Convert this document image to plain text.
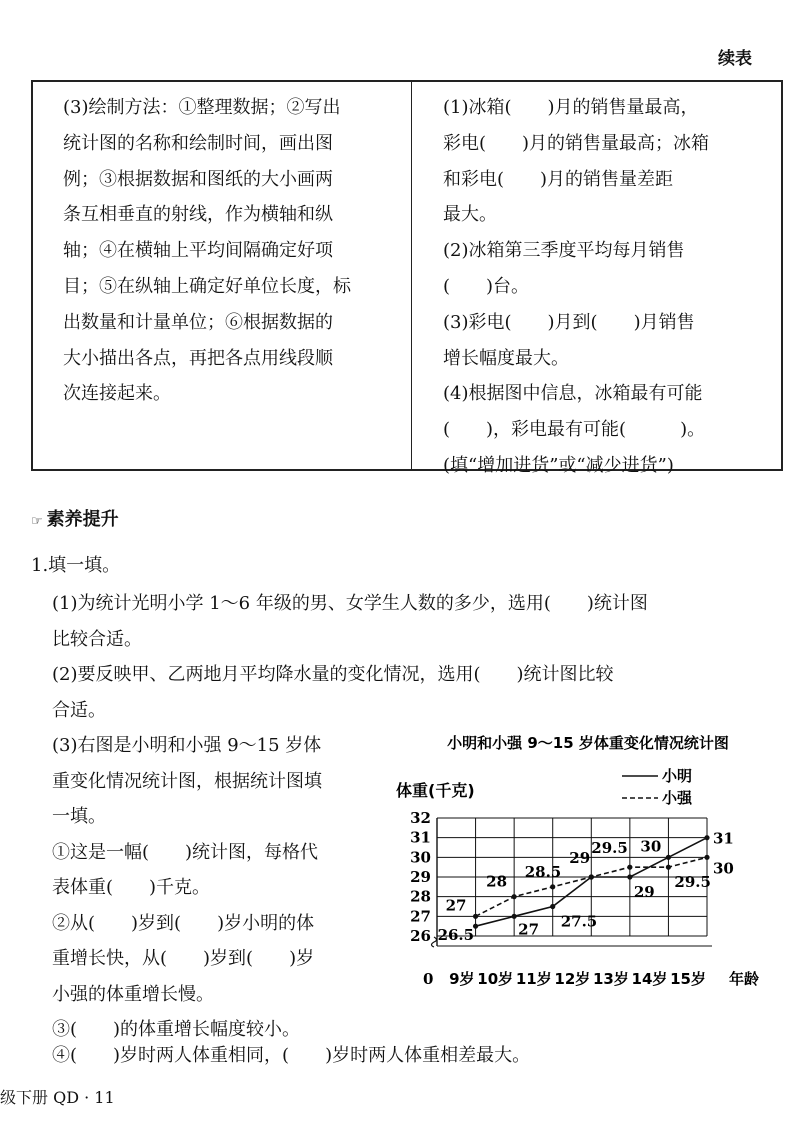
续表
(3)绘制方法：①整理数据；②写出
统计图的名称和绘制时间，画出图
例；③根据数据和图纸的大小画两
条互相垂直的射线，作为横轴和纵
轴；④在横轴上平均间隔确定好项
目；⑤在纵轴上确定好单位长度，标
出数量和计量单位；⑥根据数据的
大小描出各点，再把各点用线段顺
次连接起来。
(1)冰箱(　　)月的销售量最高，
彩电(　　)月的销售量最高；冰箱
和彩电(　　)月的销售量差距
最大。
(2)冰箱第三季度平均每月销售
(　　)台。
(3)彩电(　　)月到(　　)月销售
增长幅度最大。
(4)根据图中信息，冰箱最有可能
(　　)，彩电最有可能(　　　)。
(填“增加进货”或“减少进货”)
☞ 素养提升
1.填一填。
(1)为统计光明小学 1～6 年级的男、女学生人数的多少，选用(　　)统计图
比较合适。
(2)要反映甲、乙两地月平均降水量的变化情况，选用(　　)统计图比较
合适。
(3)右图是小明和小强 9～15 岁体
重变化情况统计图，根据统计图填
一填。
①这是一幅(　　)统计图，每格代
表体重(　　)千克。
②从(　　)岁到(　　)岁小明的体
重增长快，从(　　)岁到(　　)岁
小强的体重增长慢。
③(　　)的体重增长幅度较小。
④(　　)岁时两人体重相同，(　　)岁时两人体重相差最大。
级下册 QD · 11
小明和小强 9～15 岁体重变化情况统计图
体重(千克)
小明
小强
26
27
28
29
30
31
32
0 9岁 10岁 11岁 12岁 13岁 14岁 15岁 年龄
27
28
28.5
29
29.5 30	31
26.5	27 27.5
29
29.5
30
